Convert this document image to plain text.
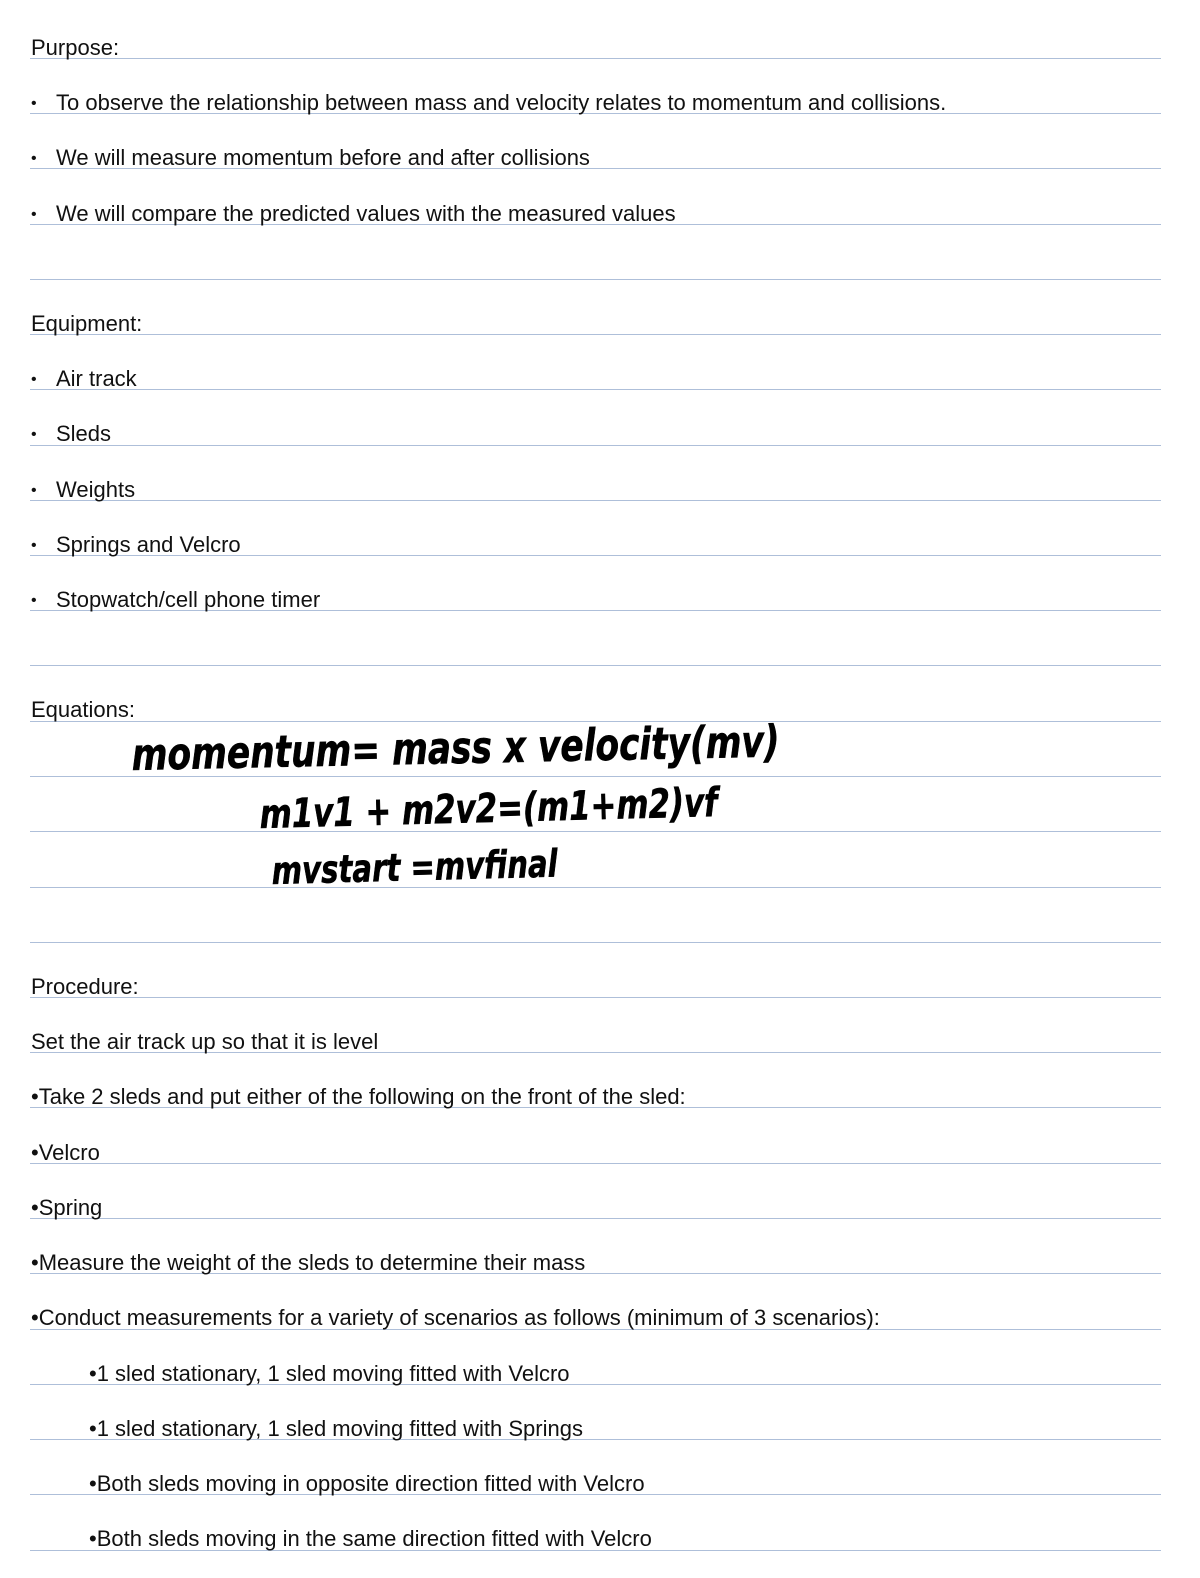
Purpose:
• To observe the relationship between mass and velocity relates to momentum and collisions.
• We will measure momentum before and after collisions
• We will compare the predicted values with the measured values
Equipment:
• Air track
• Sleds
• Weights
• Springs and Velcro
• Stopwatch/cell phone timer
Equations:
momentum= mass x velocity(mv)
m1v1 + m2v2=(m1+m2)vf
mvstart =mvfinal
Procedure:
Set the air track up so that it is level
•Take 2 sleds and put either of the following on the front of the sled:
•Velcro
•Spring
•Measure the weight of the sleds to determine their mass
•Conduct measurements for a variety of scenarios as follows (minimum of 3 scenarios):
•1 sled stationary, 1 sled moving fitted with Velcro
•1 sled stationary, 1 sled moving fitted with Springs
•Both sleds moving in opposite direction fitted with Velcro
•Both sleds moving in the same direction fitted with Velcro
